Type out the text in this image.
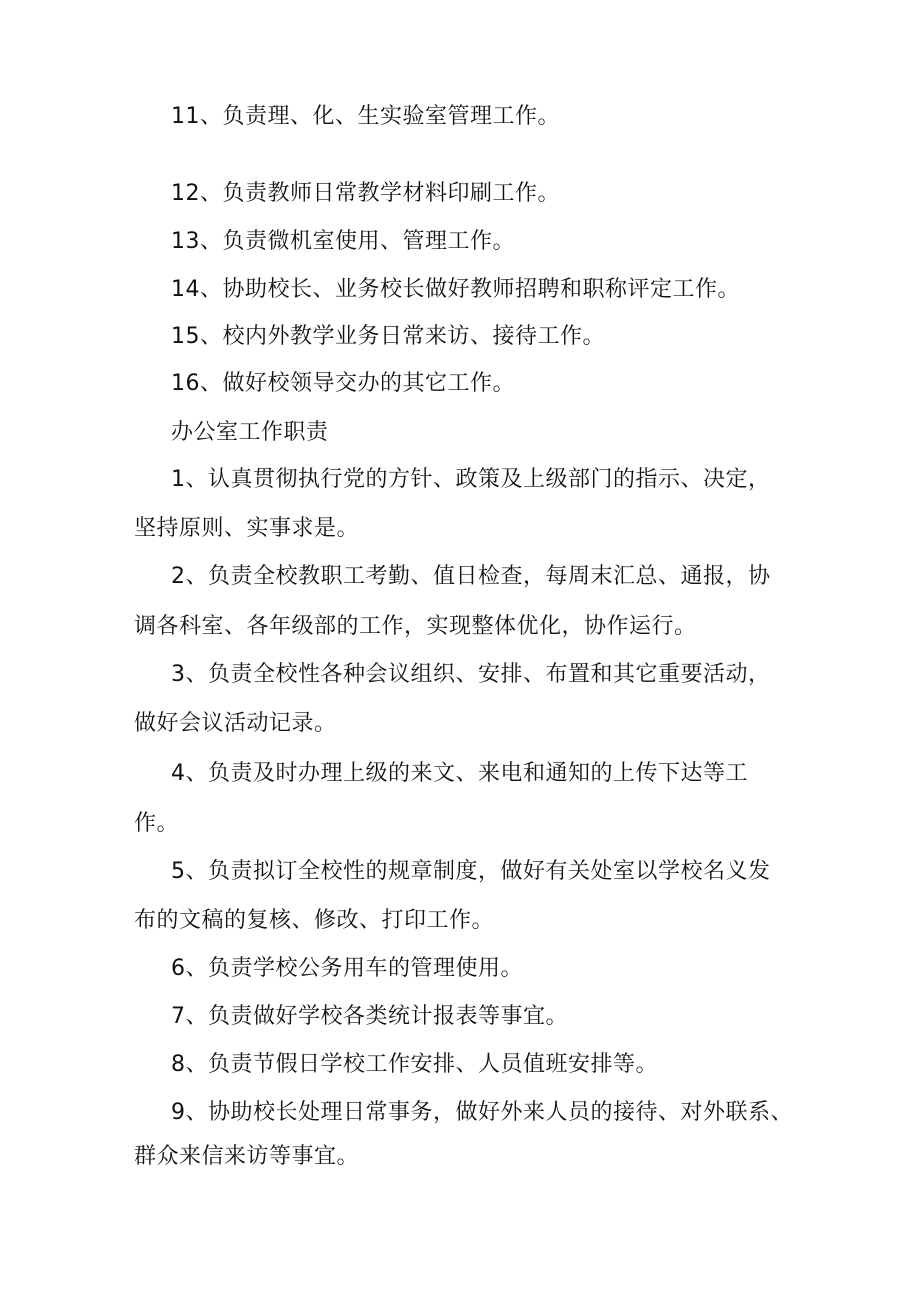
11、负责理、化、生实验室管理工作。
12、负责教师日常教学材料印刷工作。
13、负责微机室使用、管理工作。
14、协助校长、业务校长做好教师招聘和职称评定工作。
15、校内外教学业务日常来访、接待工作。
16、做好校领导交办的其它工作。
办公室工作职责
1、认真贯彻执行党的方针、政策及上级部门的指示、决定，
坚持原则、实事求是。
2、负责全校教职工考勤、值日检查，每周末汇总、通报，协
调各科室、各年级部的工作，实现整体优化，协作运行。
3、负责全校性各种会议组织、安排、布置和其它重要活动，
做好会议活动记录。
4、负责及时办理上级的来文、来电和通知的上传下达等工
作。
5、负责拟订全校性的规章制度，做好有关处室以学校名义发
布的文稿的复核、修改、打印工作。
6、负责学校公务用车的管理使用。
7、负责做好学校各类统计报表等事宜。
8、负责节假日学校工作安排、人员值班安排等。
9、协助校长处理日常事务，做好外来人员的接待、对外联系、
群众来信来访等事宜。
